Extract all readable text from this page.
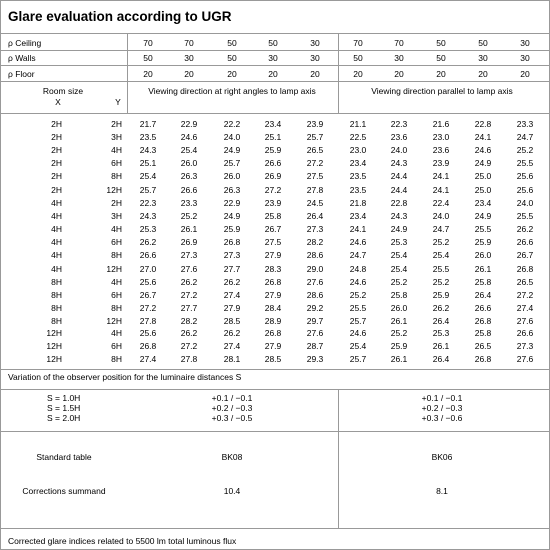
Glare evaluation according to UGR
ρ Ceiling	70	70	50	50	30	70	70	50	50	30
ρ Walls	50	30	50	30	30	50	30	50	30	30
ρ Floor	20	20	20	20	20	20	20	20	20	20
Room size
X	Y
Viewing direction at right angles to lamp axis	Viewing direction parallel to lamp axis
2H	2H	21.7	22.9	22.2	23.4	23.9	21.1	22.3	21.6	22.8	23.3
2H	3H	23.5	24.6	24.0	25.1	25.7	22.5	23.6	23.0	24.1	24.7
2H	4H	24.3	25.4	24.9	25.9	26.5	23.0	24.0	23.6	24.6	25.2
2H	6H	25.1	26.0	25.7	26.6	27.2	23.4	24.3	23.9	24.9	25.5
2H	8H	25.4	26.3	26.0	26.9	27.5	23.5	24.4	24.1	25.0	25.6
2H	12H	25.7	26.6	26.3	27.2	27.8	23.5	24.4	24.1	25.0	25.6
4H	2H	22.3	23.3	22.9	23.9	24.5	21.8	22.8	22.4	23.4	24.0
4H	3H	24.3	25.2	24.9	25.8	26.4	23.4	24.3	24.0	24.9	25.5
4H	4H	25.3	26.1	25.9	26.7	27.3	24.1	24.9	24.7	25.5	26.2
4H	6H	26.2	26.9	26.8	27.5	28.2	24.6	25.3	25.2	25.9	26.6
4H	8H	26.6	27.3	27.3	27.9	28.6	24.7	25.4	25.4	26.0	26.7
4H	12H	27.0	27.6	27.7	28.3	29.0	24.8	25.4	25.5	26.1	26.8
8H	4H	25.6	26.2	26.2	26.8	27.6	24.6	25.2	25.2	25.8	26.5
8H	6H	26.7	27.2	27.4	27.9	28.6	25.2	25.8	25.9	26.4	27.2
8H	8H	27.2	27.7	27.9	28.4	29.2	25.5	26.0	26.2	26.6	27.4
8H	12H	27.8	28.2	28.5	28.9	29.7	25.7	26.1	26.4	26.8	27.6
12H	4H	25.6	26.2	26.2	26.8	27.6	24.6	25.2	25.3	25.8	26.6
12H	6H	26.8	27.2	27.4	27.9	28.7	25.4	25.9	26.1	26.5	27.3
12H	8H	27.4	27.8	28.1	28.5	29.3	25.7	26.1	26.4	26.8	27.6
Variation of the observer position for the luminaire distances S
S = 1.0H	+0.1 / −0.1	+0.1 / −0.1
S = 1.5H	+0.2 / −0.3	+0.2 / −0.3
S = 2.0H	+0.3 / −0.5	+0.3 / −0.6
Standard table	BK08	BK06
Corrections summand	10.4	8.1
Corrected glare indices related to 5500 lm total luminous flux
